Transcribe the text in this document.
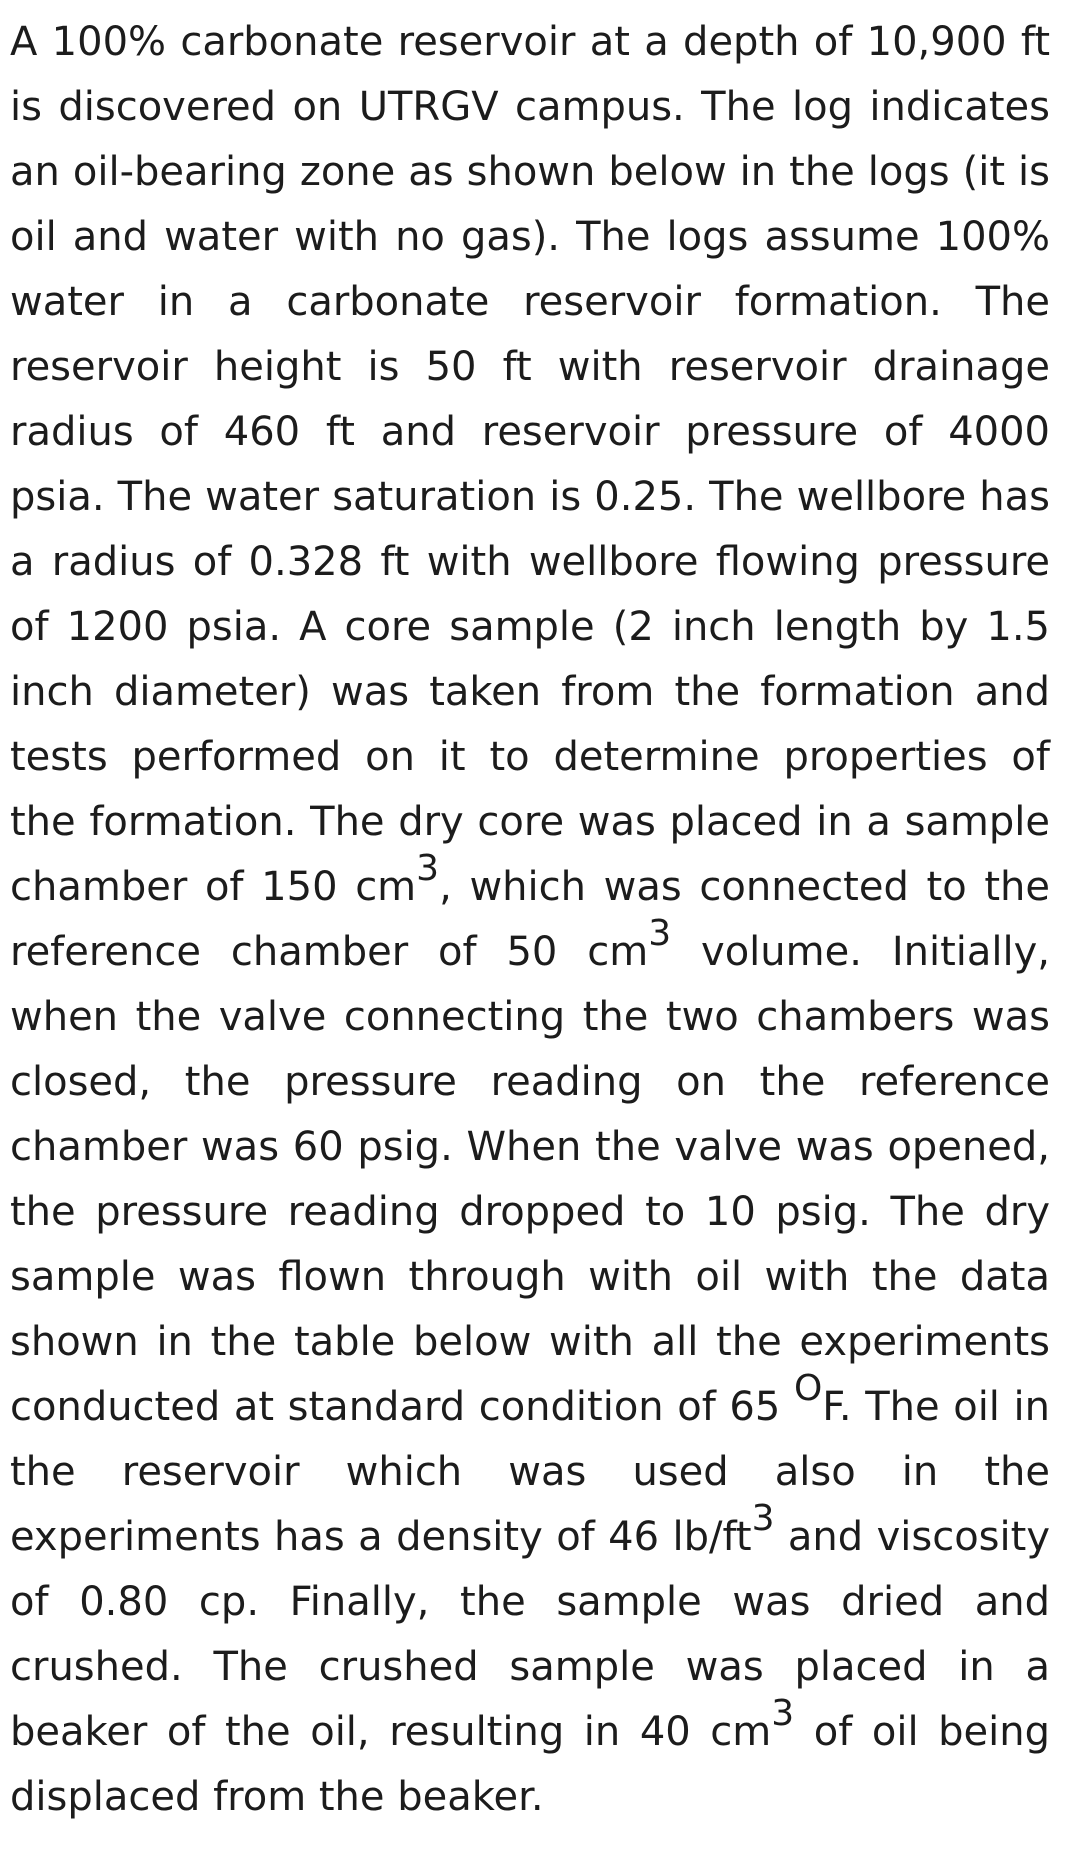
A 100% carbonate reservoir at a depth of 10,900 ft is discovered on UTRGV campus. The log indicates an oil-bearing zone as shown below in the logs (it is oil and water with no gas). The logs assume 100% water in a carbonate reservoir formation. The reservoir height is 50 ft with reservoir drainage radius of 460 ft and reservoir pressure of 4000 psia. The water saturation is 0.25. The wellbore has a radius of 0.328 ft with wellbore flowing pressure of 1200 psia. A core sample (2 inch length by 1.5 inch diameter) was taken from the formation and tests performed on it to determine properties of the formation. The dry core was placed in a sample chamber of 150 $cm^3$, which was connected to the reference chamber of 50 $cm^3$ volume. Initially, when the valve connecting the two chambers was closed, the pressure reading on the reference chamber was 60 psig. When the valve was opened, the pressure reading dropped to 10 psig. The dry sample was flown through with oil with the data shown in the table below with all the experiments conducted at standard condition of 65 $^O$F. The oil in the reservoir which was used also in the experiments has a density of 46 $lb/ft^3$ and viscosity of 0.80 cp. Finally, the sample was dried and crushed. The crushed sample was placed in a beaker of the oil, resulting in 40 $cm^3$ of oil being displaced from the beaker.
